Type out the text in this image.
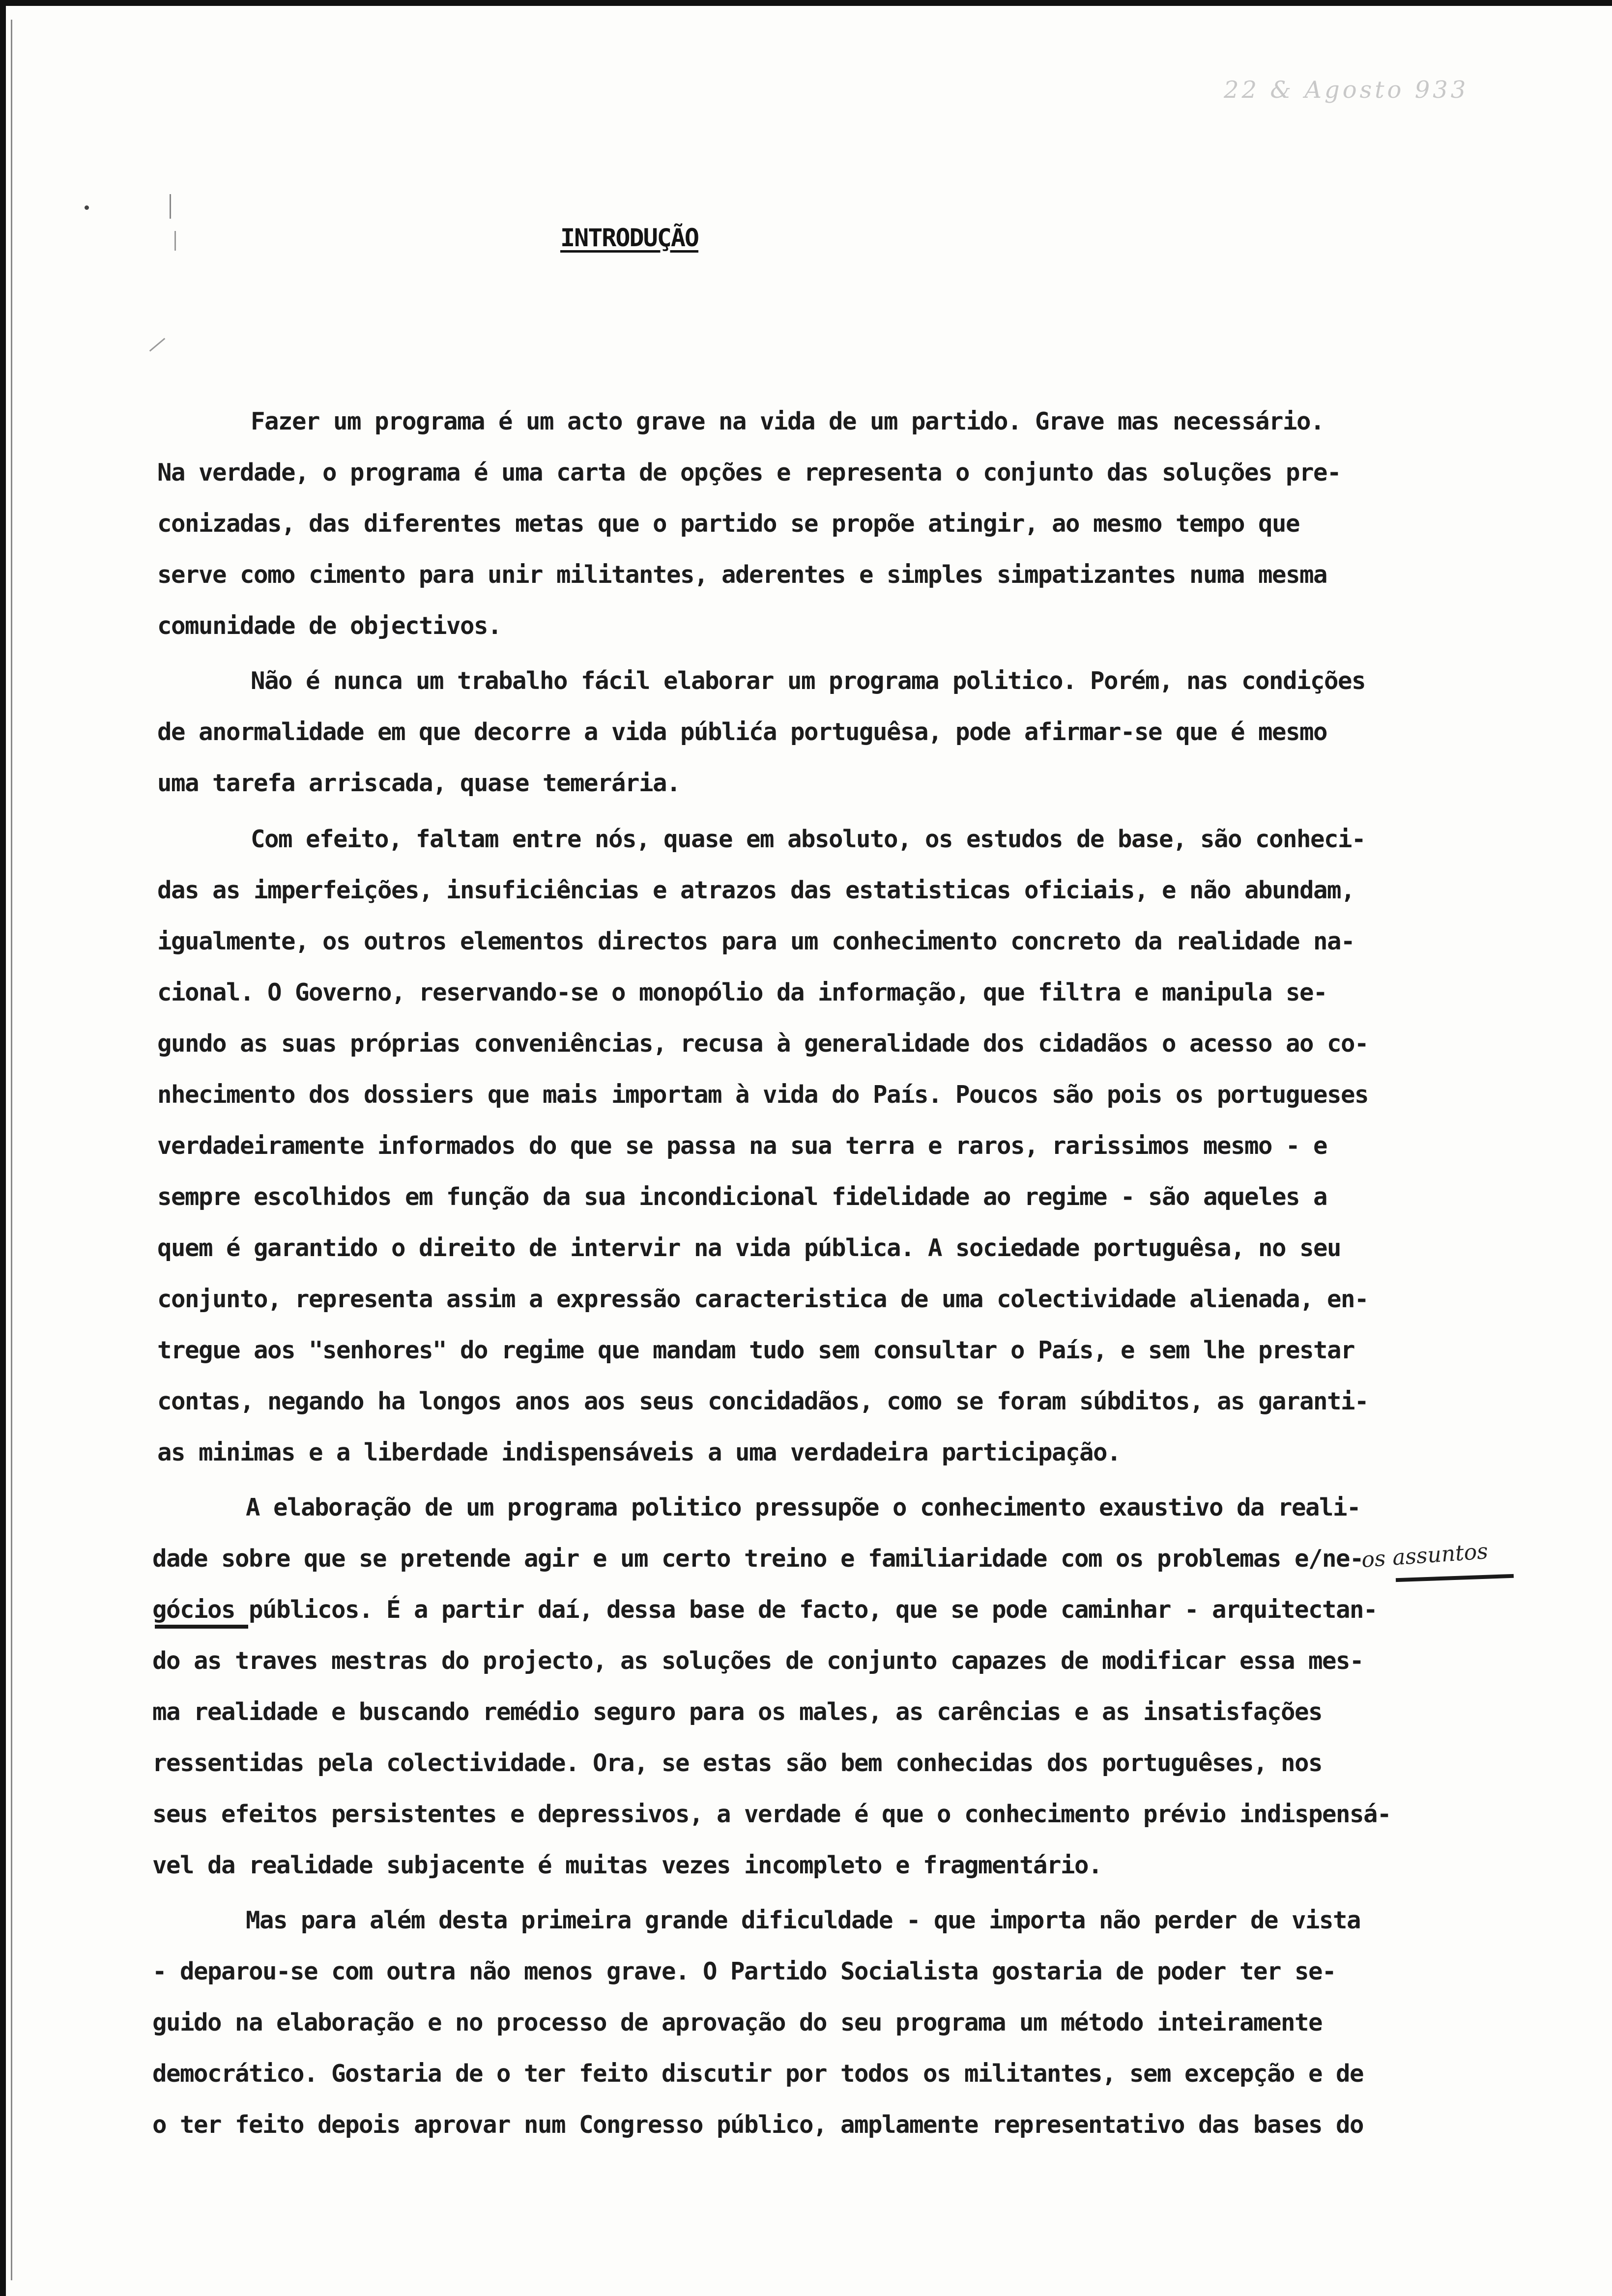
22 & Agosto 933
INTRODUÇÃO
Fazer um programa é um acto grave na vida de um partido. Grave mas necessário.
Na verdade, o programa é uma carta de opções e representa o conjunto das soluções pre-
conizadas, das diferentes metas que o partido se propõe atingir, ao mesmo tempo que
serve como cimento para unir militantes, aderentes e simples simpatizantes numa mesma
comunidade de objectivos.
Não é nunca um trabalho fácil elaborar um programa politico. Porém, nas condições
de anormalidade em que decorre a vida públića portuguêsa, pode afirmar-se que é mesmo
uma tarefa arriscada, quase temerária.
Com efeito, faltam entre nós, quase em absoluto, os estudos de base, são conheci-
das as imperfeições, insuficiências e atrazos das estatisticas oficiais, e não abundam,
igualmente, os outros elementos directos para um conhecimento concreto da realidade na-
cional. O Governo, reservando-se o monopólio da informação, que filtra e manipula se-
gundo as suas próprias conveniências, recusa à generalidade dos cidadãos o acesso ao co-
nhecimento dos dossiers que mais importam à vida do País. Poucos são pois os portugueses
verdadeiramente informados do que se passa na sua terra e raros, rarissimos mesmo - e
sempre escolhidos em função da sua incondicional fidelidade ao regime - são aqueles a
quem é garantido o direito de intervir na vida pública. A sociedade portuguêsa, no seu
conjunto, representa assim a expressão caracteristica de uma colectividade alienada, en-
tregue aos "senhores" do regime que mandam tudo sem consultar o País, e sem lhe prestar
contas, negando ha longos anos aos seus concidadãos, como se foram súbditos, as garanti-
as minimas e a liberdade indispensáveis a uma verdadeira participação.
A elaboração de um programa politico pressupõe o conhecimento exaustivo da reali-
dade sobre que se pretende agir e um certo treino e familiaridade com os problemas e/ne-
gócios públicos. É a partir daí, dessa base de facto, que se pode caminhar - arquitectan-
do as traves mestras do projecto, as soluções de conjunto capazes de modificar essa mes-
ma realidade e buscando remédio seguro para os males, as carências e as insatisfações
ressentidas pela colectividade. Ora, se estas são bem conhecidas dos portuguêses, nos
seus efeitos persistentes e depressivos, a verdade é que o conhecimento prévio indispensá-
vel da realidade subjacente é muitas vezes incompleto e fragmentário.
Mas para além desta primeira grande dificuldade - que importa não perder de vista
- deparou-se com outra não menos grave. O Partido Socialista gostaria de poder ter se-
guido na elaboração e no processo de aprovação do seu programa um método inteiramente
democrático. Gostaria de o ter feito discutir por todos os militantes, sem excepção e de
o ter feito depois aprovar num Congresso público, amplamente representativo das bases do
os assuntos
